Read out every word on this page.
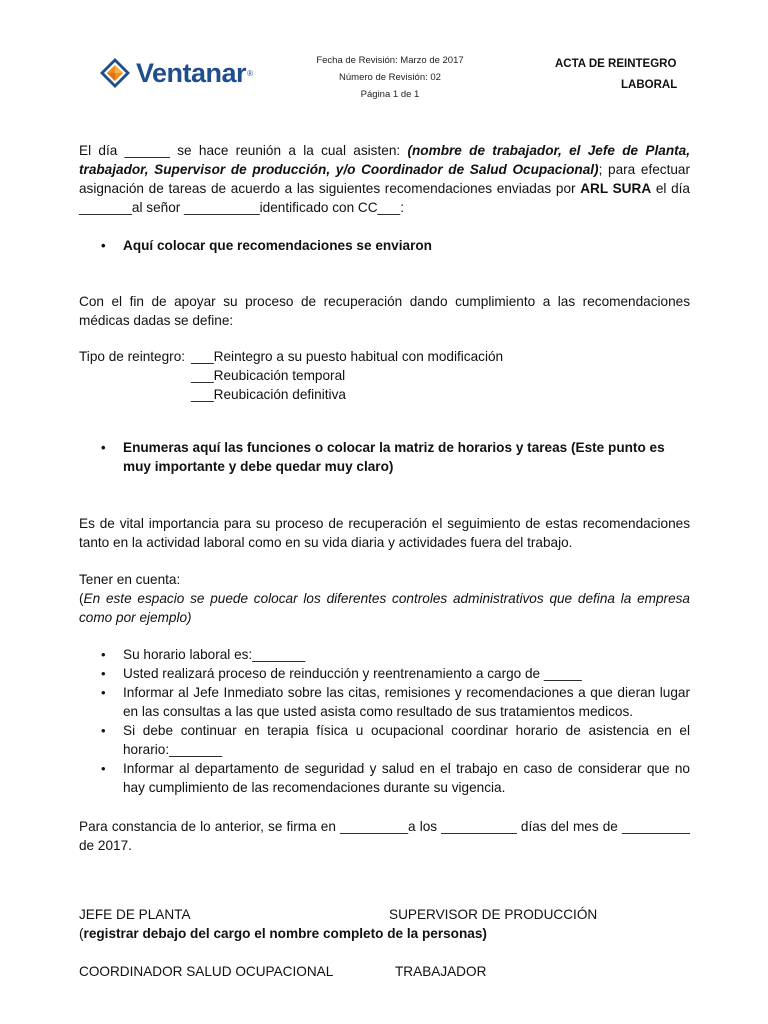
Ventanar ®
Fecha de Revisión: Marzo de 2017
Número de Revisión: 02
Página 1 de 1
ACTA DE REINTEGRO
LABORAL

El día ______ se hace reunión a la cual asisten: (nombre de trabajador, el Jefe de Planta, trabajador, Supervisor de producción, y/o Coordinador de Salud Ocupacional); para efectuar asignación de tareas de acuerdo a las siguientes recomendaciones enviadas por ARL SURA el día _______al señor __________identificado con CC___:

•	Aquí colocar que recomendaciones se enviaron

Con el fin de apoyar su proceso de recuperación dando cumplimiento a las recomendaciones médicas dadas se define:

Tipo de reintegro: ___Reintegro a su puesto habitual con modificación
___Reubicación temporal
___Reubicación definitiva
•	Enumeras aquí las funciones o colocar la matriz de horarios y tareas (Este punto es muy importante y debe quedar muy claro)

Es de vital importancia para su proceso de recuperación el seguimiento de estas recomendaciones tanto en la actividad laboral como en su vida diaria y actividades fuera del trabajo.

Tener en cuenta:

(En este espacio se puede colocar los diferentes controles administrativos que defina la empresa como por ejemplo)

•	Su horario laboral es:_______
•	Usted realizará proceso de reinducción y reentrenamiento a cargo de _____
•	Informar al Jefe Inmediato sobre las citas, remisiones y recomendaciones a que dieran lugar en las consultas a las que usted asista como resultado de sus tratamientos medicos.
•	Si debe continuar en terapia física u ocupacional coordinar horario de asistencia en el horario:_______
•	Informar al departamento de seguridad y salud en el trabajo en caso de considerar que no hay cumplimiento de las recomendaciones durante su vigencia.

Para constancia de lo anterior, se firma en _________a los __________ días del mes de _________ de 2017.

JEFE DE PLANTA	SUPERVISOR DE PRODUCCIÓN

(registrar debajo del cargo el nombre completo de la personas)

COORDINADOR SALUD OCUPACIONAL	TRABAJADOR
